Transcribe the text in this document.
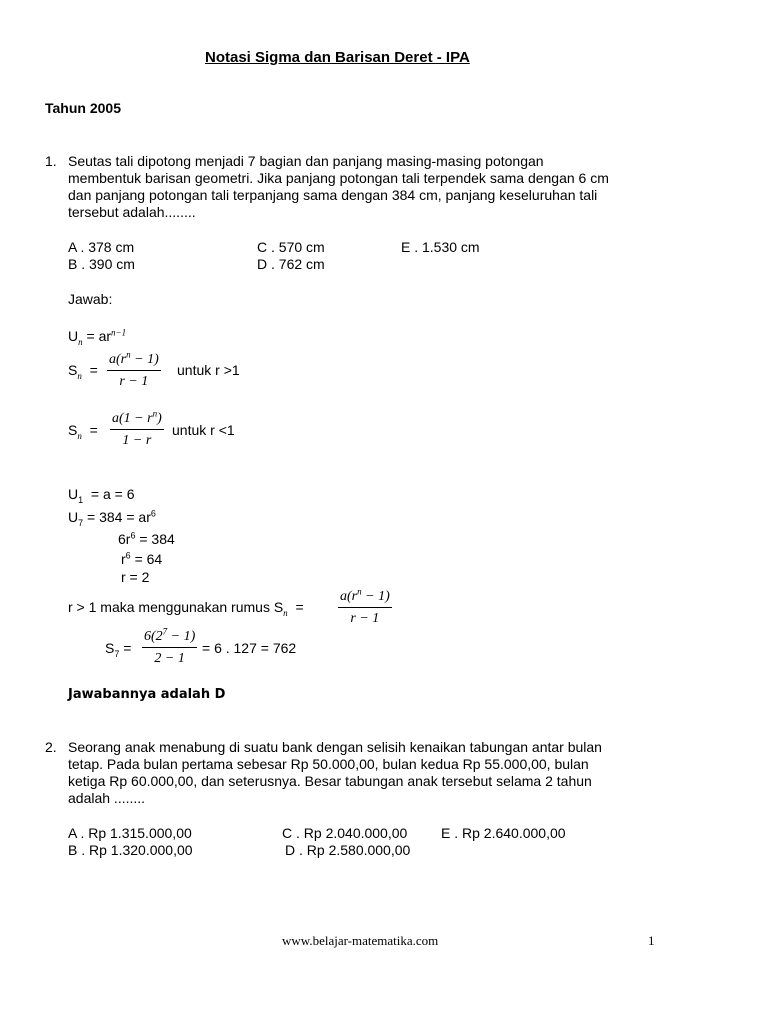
Notasi Sigma dan Barisan Deret - IPA
Tahun 2005
1. Seutas tali dipotong menjadi 7 bagian dan panjang masing-masing potongan
membentuk barisan geometri. Jika panjang potongan tali terpendek sama dengan 6 cm
dan panjang potongan tali terpanjang sama dengan 384 cm, panjang keseluruhan tali
tersebut adalah........
A . 378 cm	C . 570 cm	E . 1.530 cm
B . 390 cm	D . 762 cm
Jawab:
$U_n = ar^{n-1}$
$S_n = \frac{a(r^n - 1)}{r - 1}$ untuk r >1
$S_n = \frac{a(1 - r^n)}{1 - r}$ untuk r <1
$U_1 = a = 6$
$U_7 = 384 = ar^6$
$6r^6 = 384$
$r^6 = 64$
r = 2
r > 1 maka menggunakan rumus $S_n = \frac{a(r^n - 1)}{r - 1}$
$S_7 = \frac{6(2^7 - 1)}{2 - 1} = 6$ . 127 = 762
Jawabannya adalah D
2. Seorang anak menabung di suatu bank dengan selisih kenaikan tabungan antar bulan
tetap. Pada bulan pertama sebesar Rp 50.000,00, bulan kedua Rp 55.000,00, bulan
ketiga Rp 60.000,00, dan seterusnya. Besar tabungan anak tersebut selama 2 tahun
adalah ........
A . Rp 1.315.000,00	C . Rp 2.040.000,00 E . Rp 2.640.000,00
B . Rp 1.320.000,00	D . Rp 2.580.000,00
www.belajar-matematika.com	1
